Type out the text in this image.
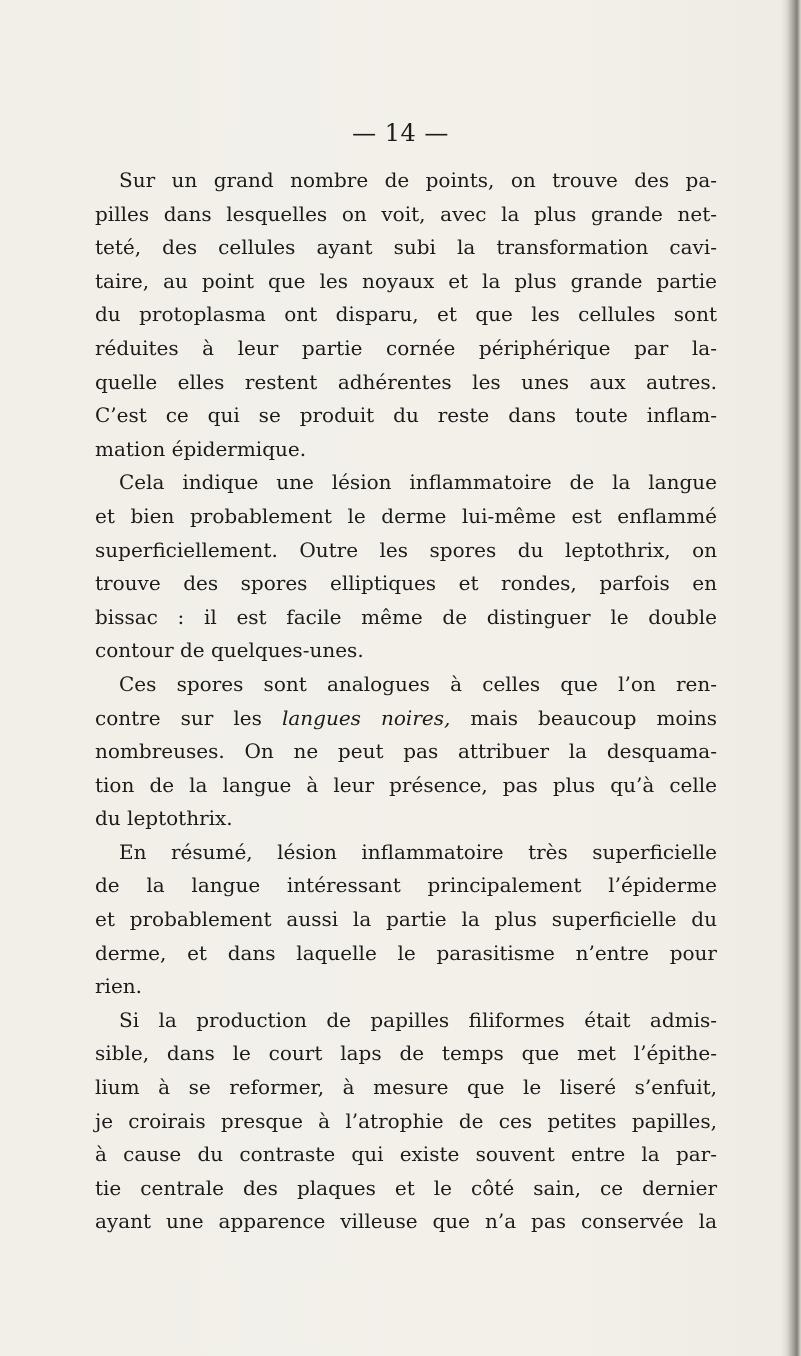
— 14 —
Sur un grand nombre de points, on trouve des pa-
pilles dans lesquelles on voit, avec la plus grande net-
teté, des cellules ayant subi la transformation cavi-
taire, au point que les noyaux et la plus grande partie
du protoplasma ont disparu, et que les cellules sont
réduites à leur partie cornée périphérique par la-
quelle elles restent adhérentes les unes aux autres.
C’est ce qui se produit du reste dans toute inflam-
mation épidermique.
Cela indique une lésion inflammatoire de la langue
et bien probablement le derme lui-même est enflammé
superficiellement. Outre les spores du leptothrix, on
trouve des spores elliptiques et rondes, parfois en
bissac : il est facile même de distinguer le double
contour de quelques-unes.
Ces spores sont analogues à celles que l’on ren-
contre sur les langues noires, mais beaucoup moins
nombreuses. On ne peut pas attribuer la desquama-
tion de la langue à leur présence, pas plus qu’à celle
du leptothrix.
En résumé, lésion inflammatoire très superficielle
de la langue intéressant principalement l’épiderme
et probablement aussi la partie la plus superficielle du
derme, et dans laquelle le parasitisme n’entre pour
rien.
Si la production de papilles filiformes était admis-
sible, dans le court laps de temps que met l’épithe-
lium à se reformer, à mesure que le liseré s’enfuit,
je croirais presque à l’atrophie de ces petites papilles,
à cause du contraste qui existe souvent entre la par-
tie centrale des plaques et le côté sain, ce dernier
ayant une apparence villeuse que n’a pas conservée la
